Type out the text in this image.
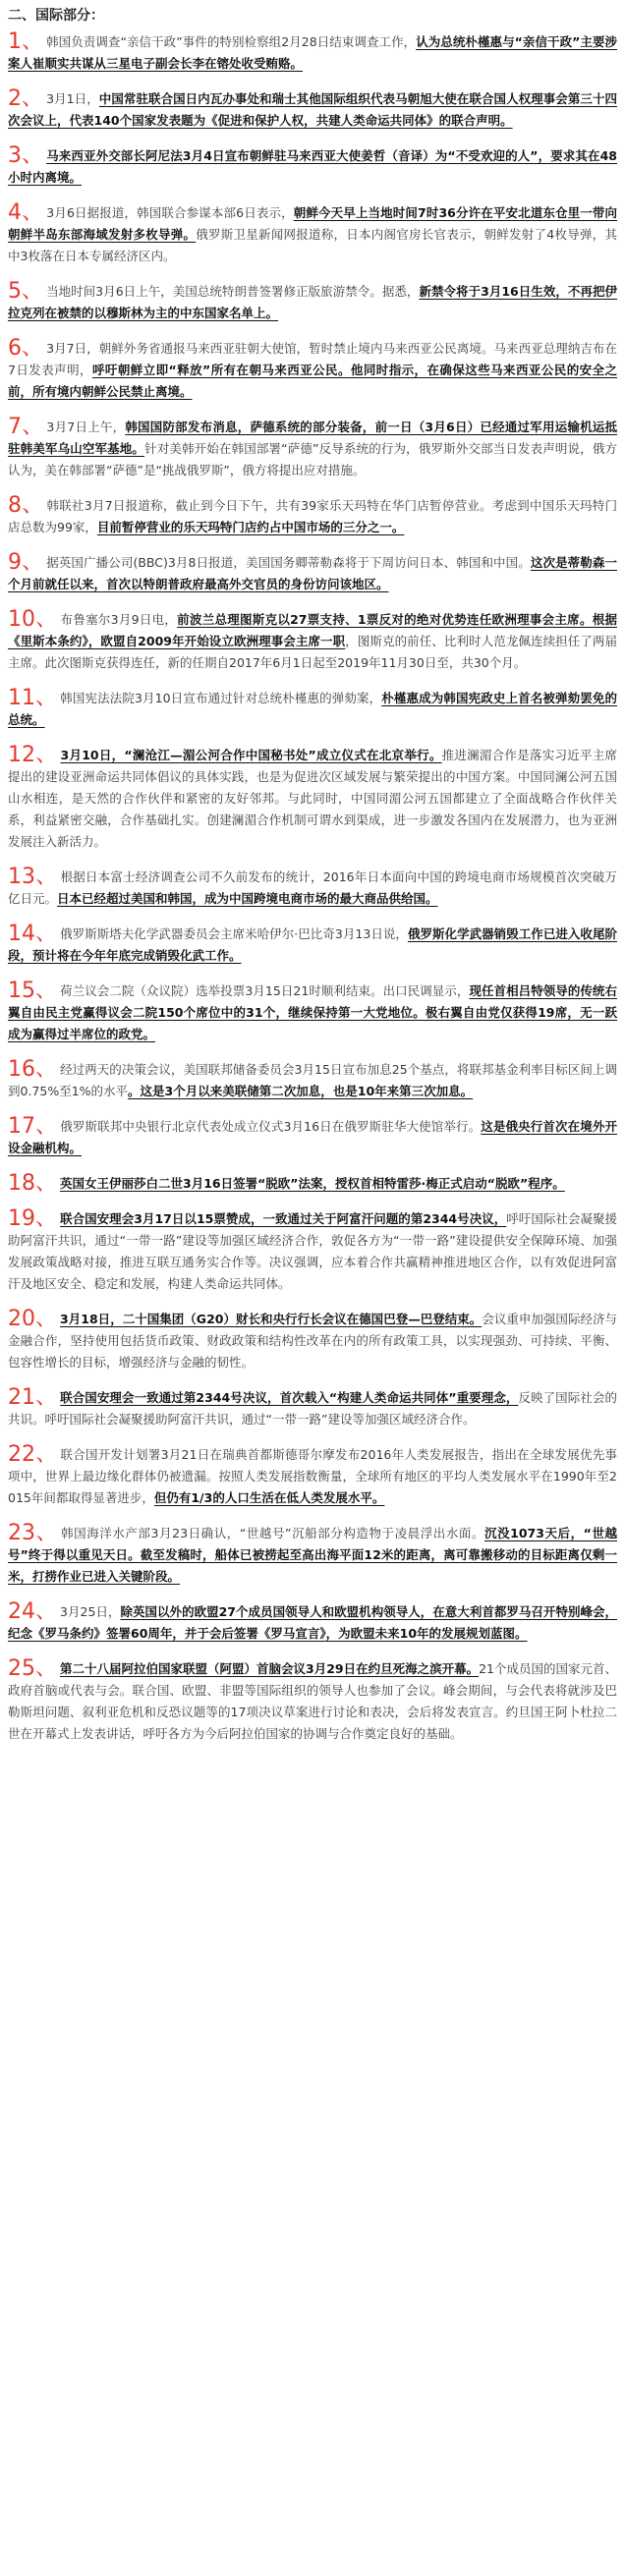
二、国际部分：
1、 韩国负责调查“亲信干政”事件的特别检察组2月28日结束调查工作，认为总统朴槿惠与“亲信干政”主要涉案人崔顺实共谋从三星电子副会长李在镕处收受贿赂。
2、 3月1日，中国常驻联合国日内瓦办事处和瑞士其他国际组织代表马朝旭大使在联合国人权理事会第三十四次会议上，代表140个国家发表题为《促进和保护人权，共建人类命运共同体》的联合声明。
3、 马来西亚外交部长阿尼法3月4日宣布朝鲜驻马来西亚大使姜哲（音译）为“不受欢迎的人”，要求其在48小时内离境。
4、 3月6日据报道，韩国联合参谋本部6日表示，朝鲜今天早上当地时间7时36分许在平安北道东仓里一带向朝鲜半岛东部海域发射多枚导弹。俄罗斯卫星新闻网报道称，日本内阁官房长官表示，朝鲜发射了4枚导弹，其中3枚落在日本专属经济区内。
5、 当地时间3月6日上午，美国总统特朗普签署修正版旅游禁令。据悉，新禁令将于3月16日生效，不再把伊拉克列在被禁的以穆斯林为主的中东国家名单上。
6、 3月7日，朝鲜外务省通报马来西亚驻朝大使馆，暂时禁止境内马来西亚公民离境。马来西亚总理纳吉布在7日发表声明，呼吁朝鲜立即“释放”所有在朝马来西亚公民。他同时指示，在确保这些马来西亚公民的安全之前，所有境内朝鲜公民禁止离境。
7、 3月7日上午，韩国国防部发布消息，萨德系统的部分装备，前一日（3月6日）已经通过军用运输机运抵驻韩美军乌山空军基地。针对美韩开始在韩国部署“萨德”反导系统的行为，俄罗斯外交部当日发表声明说，俄方认为，美在韩部署“萨德”是“挑战俄罗斯”，俄方将提出应对措施。
8、 韩联社3月7日报道称，截止到今日下午，共有39家乐天玛特在华门店暂停营业。考虑到中国乐天玛特门店总数为99家，目前暂停营业的乐天玛特门店约占中国市场的三分之一。
9、 据英国广播公司(BBC)3月8日报道，美国国务卿蒂勒森将于下周访问日本、韩国和中国。这次是蒂勒森一个月前就任以来，首次以特朗普政府最高外交官员的身份访问该地区。
10、 布鲁塞尔3月9日电，前波兰总理图斯克以27票支持、1票反对的绝对优势连任欧洲理事会主席。根据《里斯本条约》，欧盟自2009年开始设立欧洲理事会主席一职，图斯克的前任、比利时人范龙佩连续担任了两届主席。此次图斯克获得连任，新的任期自2017年6月1日起至2019年11月30日至，共30个月。
11、 韩国宪法法院3月10日宣布通过针对总统朴槿惠的弹劾案，朴槿惠成为韩国宪政史上首名被弹劾罢免的总统。
12、 3月10日，“澜沧江—湄公河合作中国秘书处”成立仪式在北京举行。推进澜湄合作是落实习近平主席提出的建设亚洲命运共同体倡议的具体实践，也是为促进次区域发展与繁荣提出的中国方案。中国同澜公河五国山水相连，是天然的合作伙伴和紧密的友好邻邦。与此同时，中国同湄公河五国都建立了全面战略合作伙伴关系，利益紧密交融，合作基础扎实。创建澜湄合作机制可谓水到渠成，进一步激发各国内在发展潜力，也为亚洲发展注入新活力。
13、 根据日本富士经济调查公司不久前发布的统计，2016年日本面向中国的跨境电商市场规模首次突破万亿日元。日本已经超过美国和韩国，成为中国跨境电商市场的最大商品供给国。
14、 俄罗斯斯塔夫化学武器委员会主席米哈伊尔·巴比奇3月13日说，俄罗斯化学武器销毁工作已进入收尾阶段，预计将在今年年底完成销毁化武工作。
15、 荷兰议会二院（众议院）选举投票3月15日21时顺利结束。出口民调显示，现任首相吕特领导的传统右翼自由民主党赢得议会二院150个席位中的31个，继续保持第一大党地位。极右翼自由党仅获得19席，无一跃成为赢得过半席位的政党。
16、 经过两天的决策会议，美国联邦储备委员会3月15日宣布加息25个基点，将联邦基金利率目标区间上调到0.75%至1%的水平。这是3个月以来美联储第二次加息，也是10年来第三次加息。
17、 俄罗斯联邦中央银行北京代表处成立仪式3月16日在俄罗斯驻华大使馆举行。这是俄央行首次在境外开设金融机构。
18、 英国女王伊丽莎白二世3月16日签署“脱欧”法案，授权首相特雷莎·梅正式启动“脱欧”程序。
19、 联合国安理会3月17日以15票赞成，一致通过关于阿富汗问题的第2344号决议，呼吁国际社会凝聚援助阿富汗共识，通过“一带一路”建设等加强区域经济合作，敦促各方为“一带一路”建设提供安全保障环境、加强发展政策战略对接，推进互联互通务实合作等。决议强调，应本着合作共赢精神推进地区合作，以有效促进阿富汗及地区安全、稳定和发展，构建人类命运共同体。
20、 3月18日，二十国集团（G20）财长和央行行长会议在德国巴登—巴登结束。会议重申加强国际经济与金融合作，坚持使用包括货币政策、财政政策和结构性改革在内的所有政策工具，以实现强劲、可持续、平衡、包容性增长的目标，增强经济与金融的韧性。
21、 联合国安理会一致通过第2344号决议，首次载入“构建人类命运共同体”重要理念，反映了国际社会的共识。呼吁国际社会凝聚援助阿富汗共识，通过“一带一路”建设等加强区域经济合作。
22、 联合国开发计划署3月21日在瑞典首都斯德哥尔摩发布2016年人类发展报告，指出在全球发展优先事项中，世界上最边缘化群体仍被遗漏。按照人类发展指数衡量，全球所有地区的平均人类发展水平在1990年至2015年间都取得显著进步，但仍有1/3的人口生活在低人类发展水平。
23、 韩国海洋水产部3月23日确认，“世越号”沉船部分构造物于凌晨浮出水面。沉没1073天后，“世越号”终于得以重见天日。截至发稿时，船体已被捞起至高出海平面12米的距离，离可靠搬移动的目标距离仅剩一米，打捞作业已进入关键阶段。
24、 3月25日，除英国以外的欧盟27个成员国领导人和欧盟机构领导人，在意大利首都罗马召开特别峰会，纪念《罗马条约》签署60周年，并于会后签署《罗马宣言》，为欧盟未来10年的发展规划蓝图。
25、 第二十八届阿拉伯国家联盟（阿盟）首脑会议3月29日在约旦死海之滨开幕。21个成员国的国家元首、政府首脑或代表与会。联合国、欧盟、非盟等国际组织的领导人也参加了会议。峰会期间，与会代表将就涉及巴勒斯坦问题、叙利亚危机和反恐议题等的17项决议草案进行讨论和表决，会后将发表宣言。约旦国王阿卜杜拉二世在开幕式上发表讲话，呼吁各方为今后阿拉伯国家的协调与合作奠定良好的基础。
